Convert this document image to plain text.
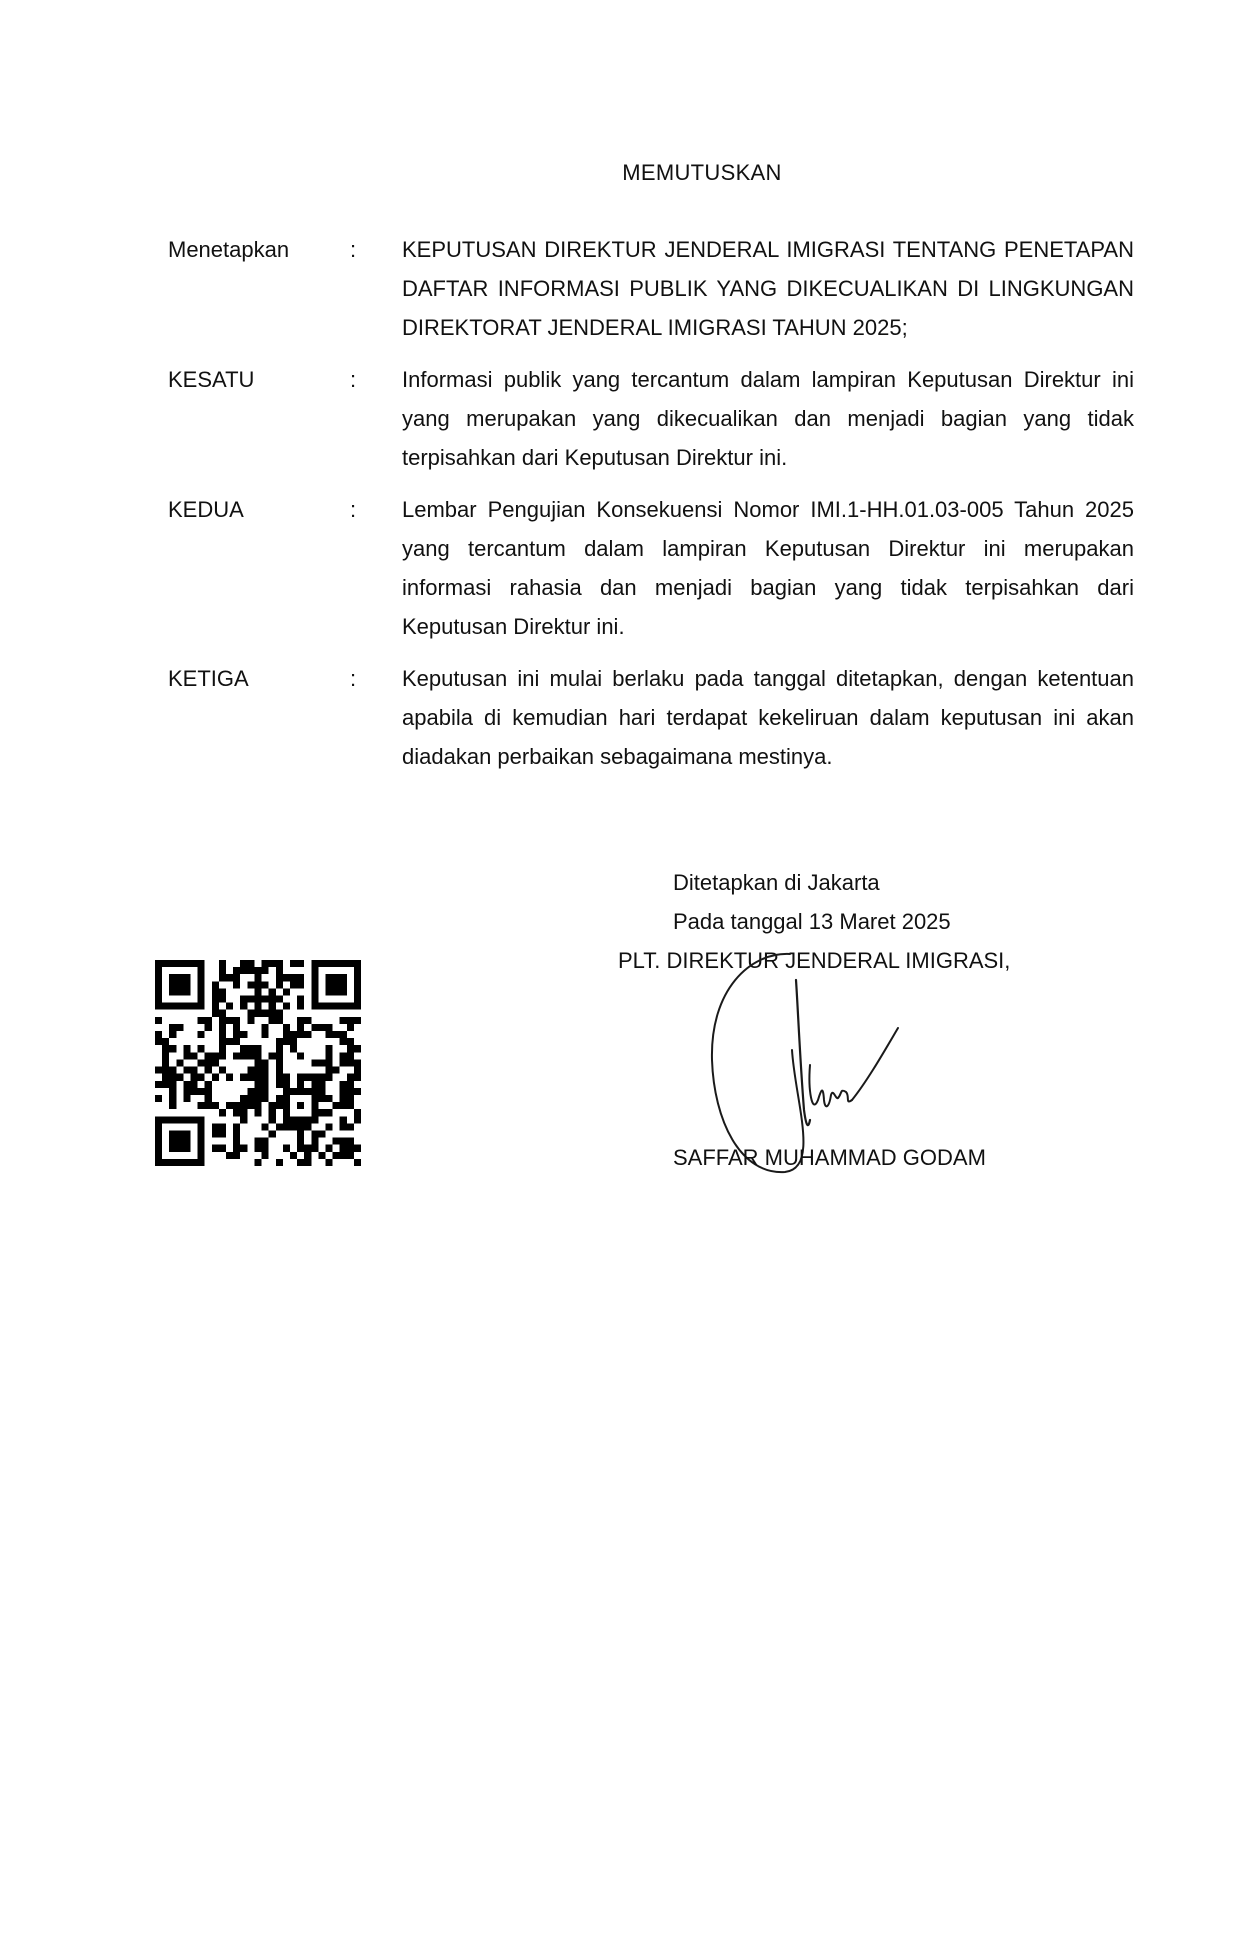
MEMUTUSKAN
Menetapkan	:	KEPUTUSAN DIREKTUR JENDERAL IMIGRASI TENTANG PENETAPAN DAFTAR INFORMASI PUBLIK YANG DIKECUALIKAN DI LINGKUNGAN DIREKTORAT JENDERAL IMIGRASI TAHUN 2025;
KESATU	:	Informasi publik yang tercantum dalam lampiran Keputusan Direktur ini yang merupakan yang dikecualikan dan menjadi bagian yang tidak terpisahkan dari Keputusan Direktur ini.
KEDUA	:	Lembar Pengujian Konsekuensi Nomor IMI.1-HH.01.03-005 Tahun 2025 yang tercantum dalam lampiran Keputusan Direktur ini merupakan informasi rahasia dan menjadi bagian yang tidak terpisahkan dari Keputusan Direktur ini.
KETIGA	:	Keputusan ini mulai berlaku pada tanggal ditetapkan, dengan ketentuan apabila di kemudian hari terdapat kekeliruan dalam keputusan ini akan diadakan perbaikan sebagaimana mestinya.
Ditetapkan di Jakarta
Pada tanggal 13 Maret 2025
PLT. DIREKTUR JENDERAL IMIGRASI,
SAFFAR MUHAMMAD GODAM
